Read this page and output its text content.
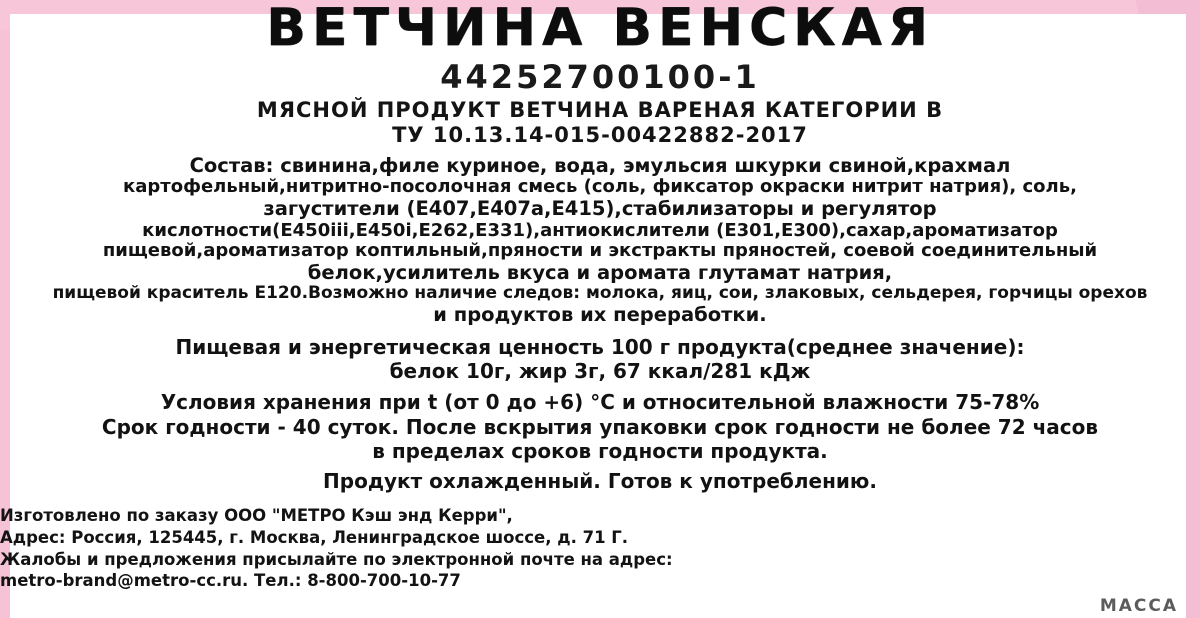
ВЕТЧИНА ВЕНСКАЯ
44252700100-1
МЯСНОЙ ПРОДУКТ ВЕТЧИНА ВАРЕНАЯ КАТЕГОРИИ В
ТУ 10.13.14-015-00422882-2017
Состав: свинина,филе куриное, вода, эмульсия шкурки свиной,крахмал
картофельный,нитритно-посолочная смесь (соль, фиксатор окраски нитрит натрия), соль,
загустители (E407,E407a,E415),стабилизаторы и регулятор
кислотности(E450iii,E450i,E262,E331),антиокислители (E301,E300),сахар,ароматизатор
пищевой,ароматизатор коптильный,пряности и экстракты пряностей, соевой соединительный
белок,усилитель вкуса и аромата глутамат натрия,
пищевой краситель E120.Возможно наличие следов: молока, яиц, сои, злаковых, сельдерея, горчицы орехов
и продуктов их переработки.
Пищевая и энергетическая ценность 100 г продукта(среднее значение):
белок 10г, жир 3г, 67 ккал/281 кДж
Условия хранения при t (от 0 до +6) °С и относительной влажности 75-78%
Срок годности - 40 суток. После вскрытия упаковки срок годности не более 72 часов
в пределах сроков годности продукта.
Продукт охлажденный. Готов к употреблению.
Изготовлено по заказу ООО "МЕТРО Кэш энд Керри",
Адрес: Россия, 125445, г. Москва, Ленинградское шоссе, д. 71 Г.
Жалобы и предложения присылайте по электронной почте на адрес:
metro-brand@metro-cc.ru. Тел.: 8-800-700-10-77
МАССА
